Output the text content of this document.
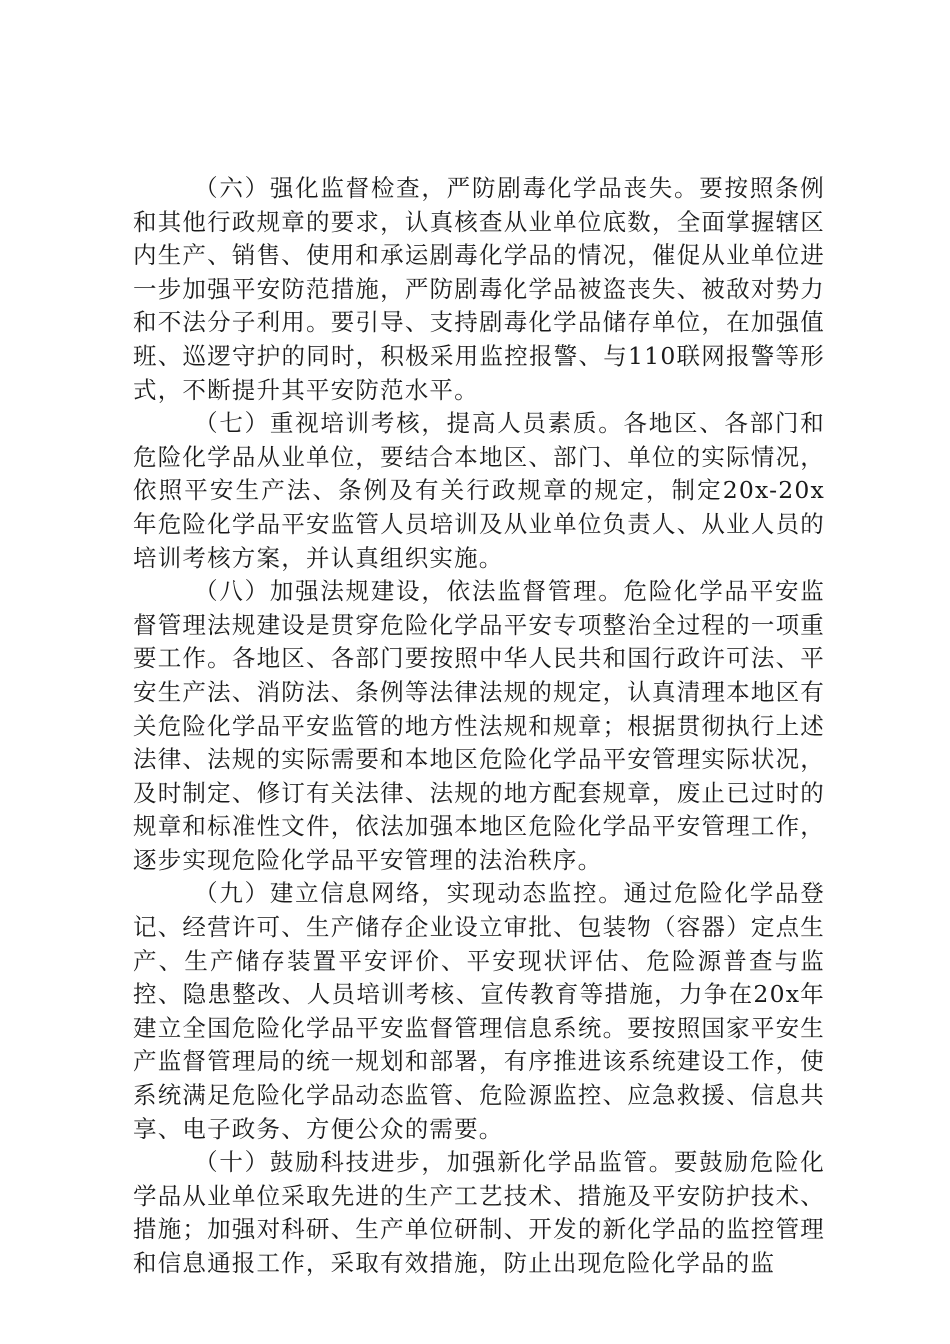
（六）强化监督检查，严防剧毒化学品丧失。要按照条例和其他行政规章的要求，认真核查从业单位底数，全面掌握辖区内生产、销售、使用和承运剧毒化学品的情况，催促从业单位进一步加强平安防范措施，严防剧毒化学品被盗丧失、被敌对势力和不法分子利用。要引导、支持剧毒化学品储存单位，在加强值班、巡逻守护的同时，积极采用监控报警、与110联网报警等形式，不断提升其平安防范水平。

（七）重视培训考核，提高人员素质。各地区、各部门和危险化学品从业单位，要结合本地区、部门、单位的实际情况，依照平安生产法、条例及有关行政规章的规定，制定20x-20x年危险化学品平安监管人员培训及从业单位负责人、从业人员的培训考核方案，并认真组织实施。

（八）加强法规建设，依法监督管理。危险化学品平安监督管理法规建设是贯穿危险化学品平安专项整治全过程的一项重要工作。各地区、各部门要按照中华人民共和国行政许可法、平安生产法、消防法、条例等法律法规的规定，认真清理本地区有关危险化学品平安监管的地方性法规和规章；根据贯彻执行上述法律、法规的实际需要和本地区危险化学品平安管理实际状况，及时制定、修订有关法律、法规的地方配套规章，废止已过时的规章和标准性文件，依法加强本地区危险化学品平安管理工作，逐步实现危险化学品平安管理的法治秩序。

（九）建立信息网络，实现动态监控。通过危险化学品登记、经营许可、生产储存企业设立审批、包装物（容器）定点生产、生产储存装置平安评价、平安现状评估、危险源普查与监控、隐患整改、人员培训考核、宣传教育等措施，力争在20x年建立全国危险化学品平安监督管理信息系统。要按照国家平安生产监督管理局的统一规划和部署，有序推进该系统建设工作，使系统满足危险化学品动态监管、危险源监控、应急救援、信息共享、电子政务、方便公众的需要。

（十）鼓励科技进步，加强新化学品监管。要鼓励危险化学品从业单位采取先进的生产工艺技术、措施及平安防护技术、措施；加强对科研、生产单位研制、开发的新化学品的监控管理和信息通报工作，采取有效措施，防止出现危险化学品的监
